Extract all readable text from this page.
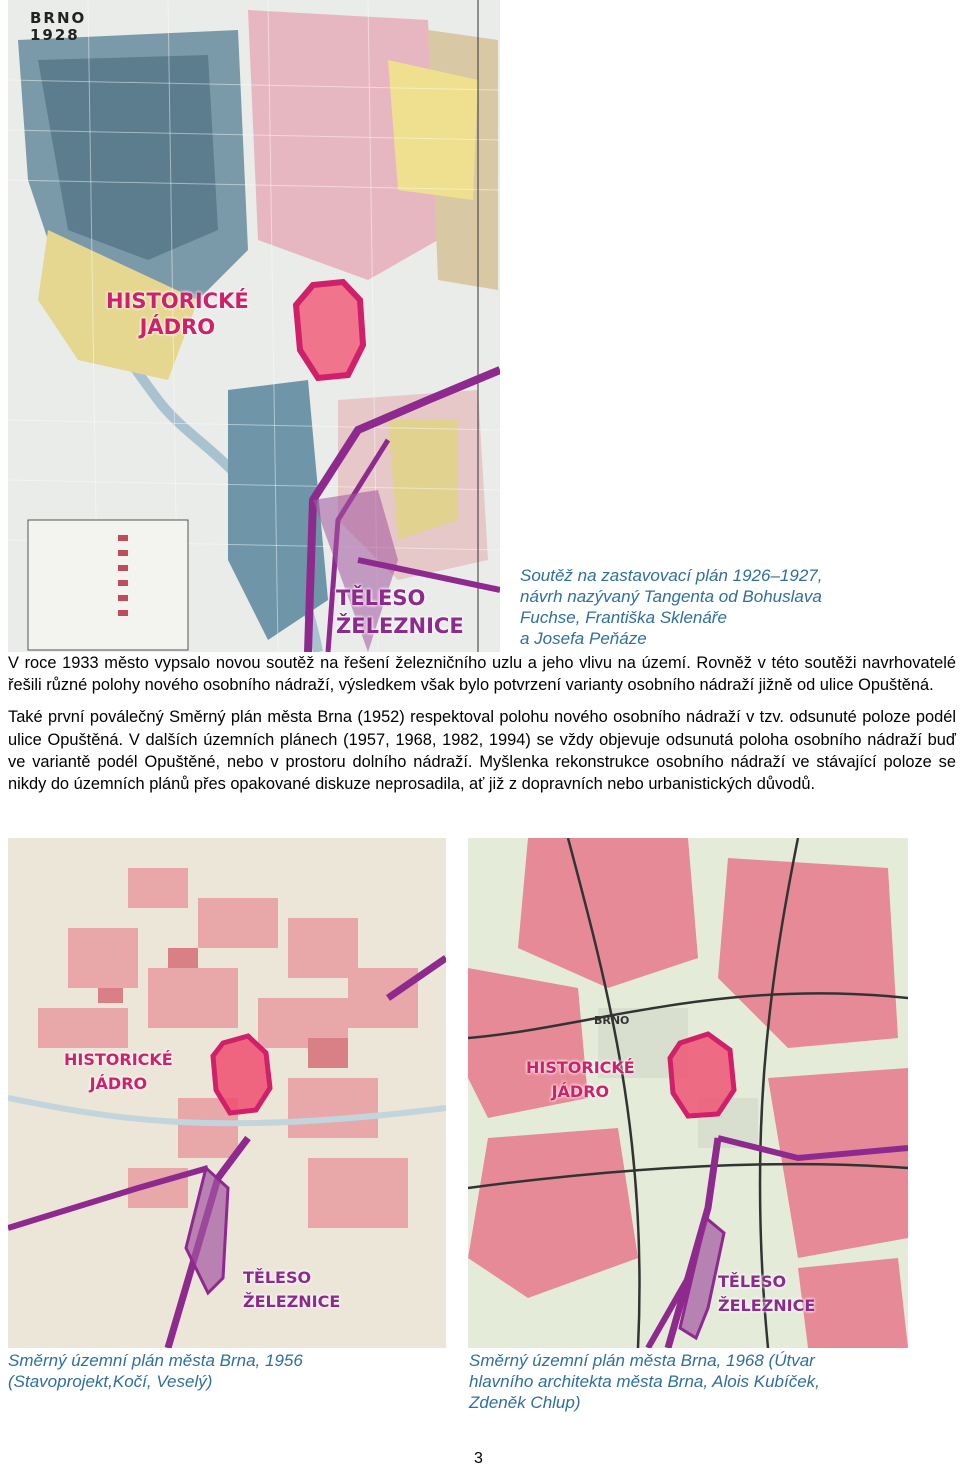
BRNO
1928
HISTORICKÉ
JÁDRO
TĚLESO
ŽELEZNICE
Soutěž na zastavovací plán 1926–1927,
návrh nazývaný Tangenta od Bohuslava
Fuchse, Františka Sklenáře
a Josefa Peňáze

V roce 1933 město vypsalo novou soutěž na řešení železničního uzlu a jeho vlivu na území. Rovněž v této soutěži navrhovatelé řešili různé polohy nového osobního nádraží, výsledkem však bylo potvrzení varianty osobního nádraží jižně od ulice Opuštěná.

Také první poválečný Směrný plán města Brna (1952) respektoval polohu nového osobního nádraží v tzv. odsunuté poloze podél ulice Opuštěná. V dalších územních plánech (1957, 1968, 1982, 1994) se vždy objevuje odsunutá poloha osobního nádraží buď ve variantě podél Opuštěné, nebo v prostoru dolního nádraží. Myšlenka rekonstrukce osobního nádraží ve stávající poloze se nikdy do územních plánů přes opakované diskuze neprosadila, ať již z dopravních nebo urbanistických důvodů.

HISTORICKÉ
JÁDRO
TĚLESO
ŽELEZNICE
BRNO
HISTORICKÉ
JÁDRO
TĚLESO
ŽELEZNICE
Směrný územní plán města Brna, 1956
(Stavoprojekt,Kočí, Veselý)
Směrný územní plán města Brna, 1968 (Útvar
hlavního architekta města Brna, Alois Kubíček,
Zdeněk Chlup)
3
